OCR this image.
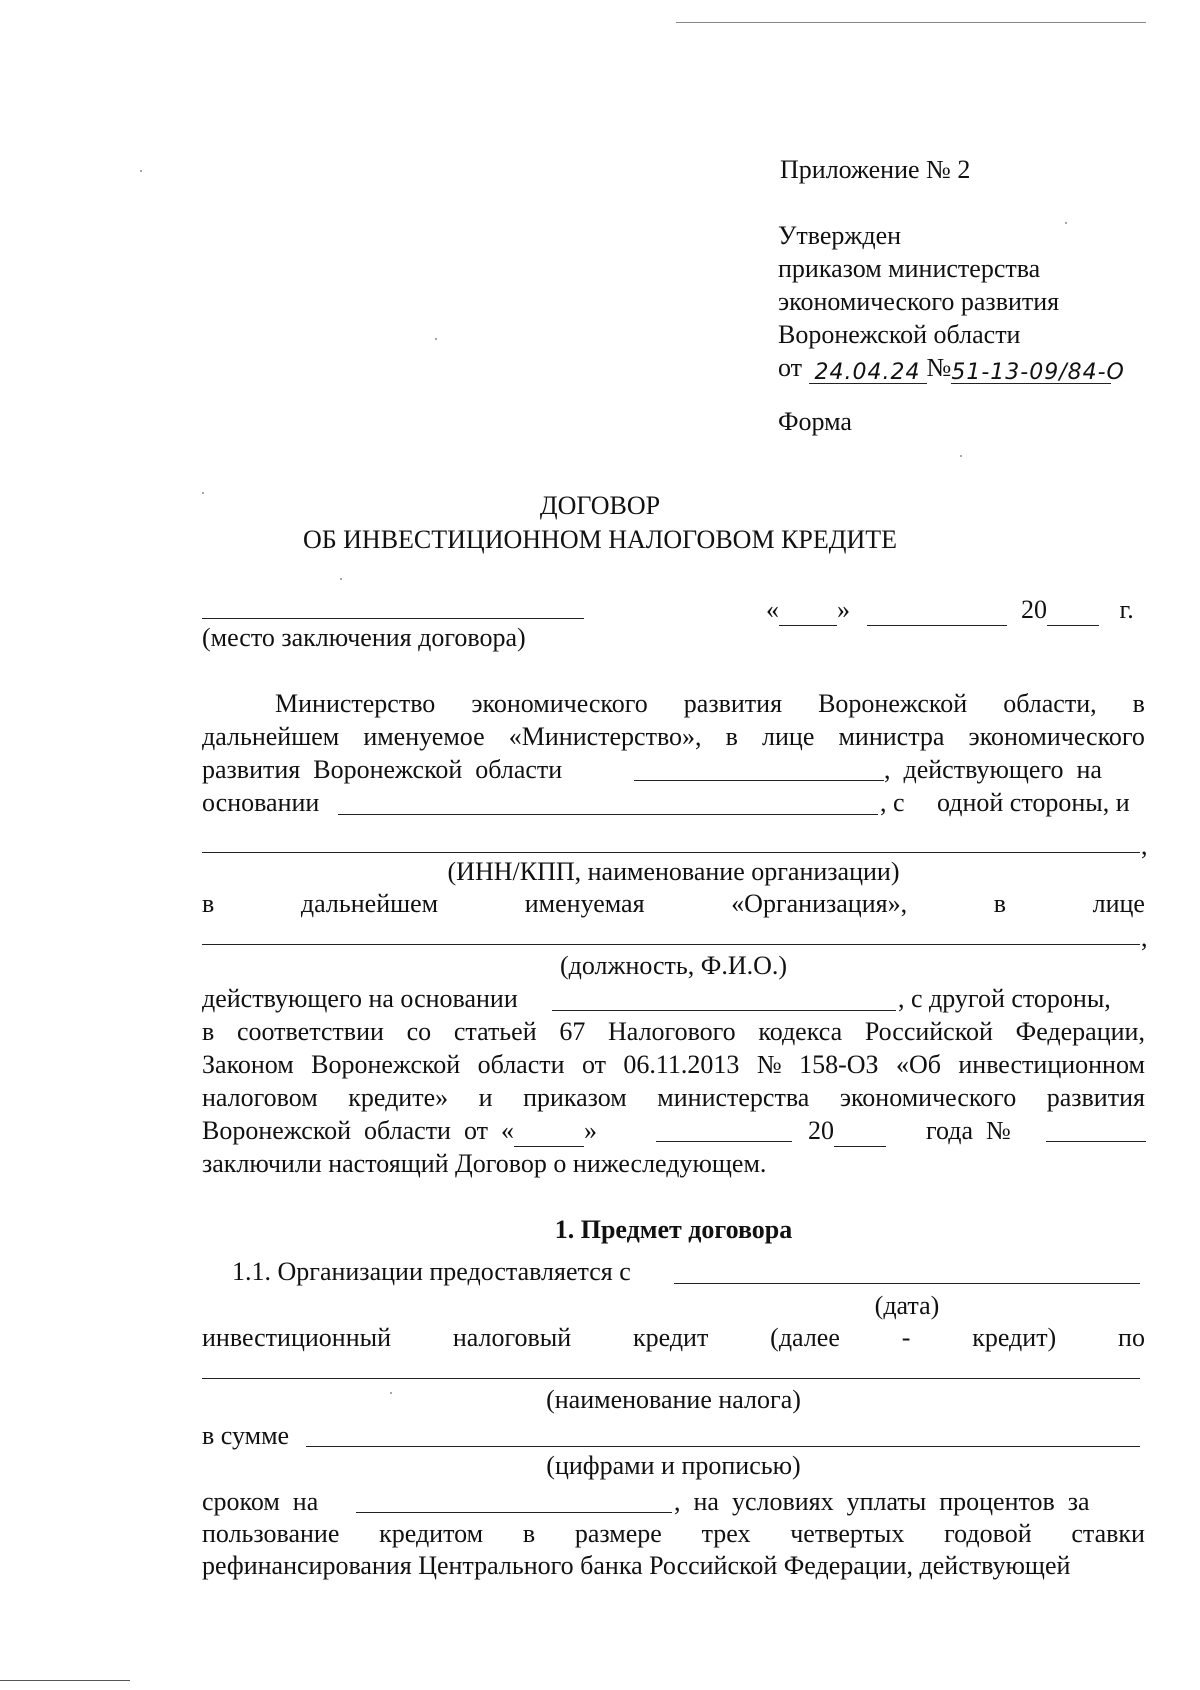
Приложение № 2
Утвержден
приказом министерства
экономического развития
Воронежской области
от 24.04.24 №51-13-09/84-О
Форма
ДОГОВОР
ОБ ИНВЕСТИЦИОННОМ НАЛОГОВОМ КРЕДИТЕ
(место заключения договора)
« »	20	г.
Министерство экономического развития Воронежской области, в
дальнейшем именуемое «Министерство», в лице министра экономического
развития  Воронежской  области	,  действующего  на
основании	, с одной стороны, и
,
(ИНН/КПП, наименование организации)
в	дальнейшем	именуемая	«Организация»,	в	лице
,
(должность, Ф.И.О.)
действующего на основании	, с другой стороны,
в соответствии со статьей 67 Налогового кодекса Российской Федерации,
Законом Воронежской области от 06.11.2013 № 158-ОЗ «Об инвестиционном
налоговом кредите» и приказом министерства экономического развития
Воронежской  области  от  «	»	20	года  №
заключили настоящий Договор о нижеследующем.
1. Предмет договора
1.1. Организации предоставляется с
(дата)
инвестиционный налоговый кредит (далее - кредит) по
(наименование налога)
в сумме
(цифрами и прописью)
сроком  на	,  на  условиях  уплаты  процентов  за
пользование кредитом в размере трех четвертых годовой ставки
рефинансирования Центрального банка Российской Федерации, действующей
